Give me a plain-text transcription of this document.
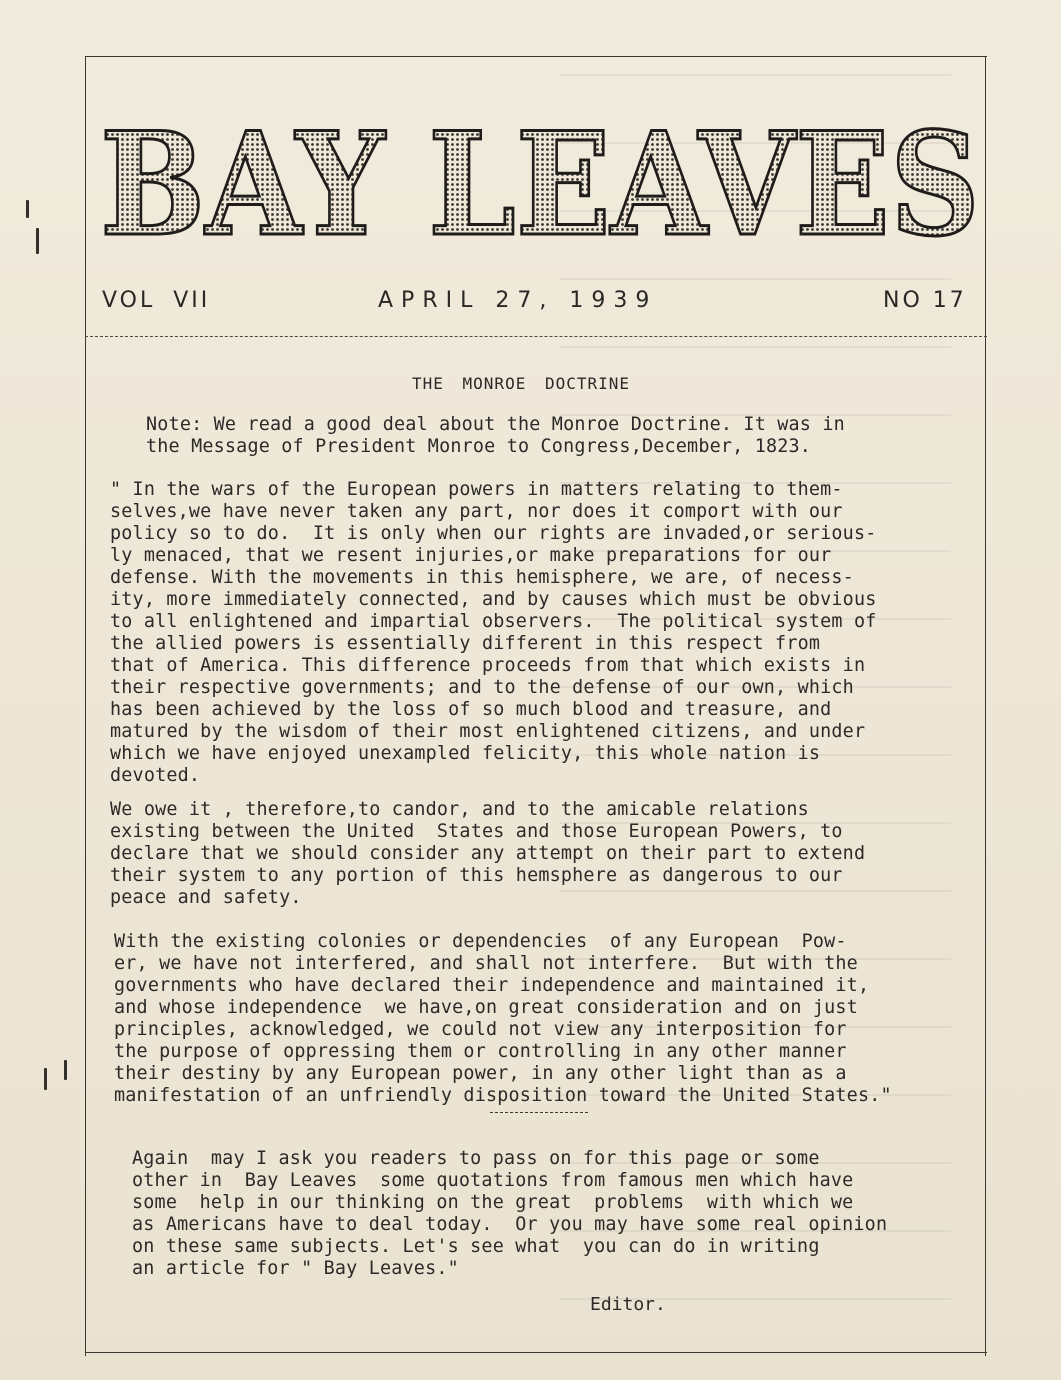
BAY LEAVES
VOL VII	APRIL 27, 1939	NO 17
THE MONROE DOCTRINE
Note: We read a good deal about the Monroe Doctrine. It was in
the Message of President Monroe to Congress,December, 1823.
" In the wars of the European powers in matters relating to them-
selves,we have never taken any part, nor does it comport with our
policy so to do.  It is only when our rights are invaded,or serious-
ly menaced, that we resent injuries,or make preparations for our
defense. With the movements in this hemisphere, we are, of necess-
ity, more immediately connected, and by causes which must be obvious
to all enlightened and impartial observers.  The political system of
the allied powers is essentially different in this respect from
that of America. This difference proceeds from that which exists in
their respective governments; and to the defense of our own, which
has been achieved by the loss of so much blood and treasure, and
matured by the wisdom of their most enlightened citizens, and under
which we have enjoyed unexampled felicity, this whole nation is
devoted.
We owe it , therefore,to candor, and to the amicable relations
existing between the United  States and those European Powers, to
declare that we should consider any attempt on their part to extend
their system to any portion of this hemsphere as dangerous to our
peace and safety.
With the existing colonies or dependencies  of any European  Pow-
er, we have not interfered, and shall not interfere.  But with the
governments who have declared their independence and maintained it,
and whose independence  we have,on great consideration and on just
principles, acknowledged, we could not view any interposition for
the purpose of oppressing them or controlling in any other manner
their destiny by any European power, in any other light than as a
manifestation of an unfriendly disposition toward the United States."
Again  may I ask you readers to pass on for this page or some
other in  Bay Leaves  some quotations from famous men which have
some  help in our thinking on the great  problems  with which we
as Americans have to deal today.  Or you may have some real opinion
on these same subjects. Let's see what  you can do in writing
an article for " Bay Leaves."
Editor.
